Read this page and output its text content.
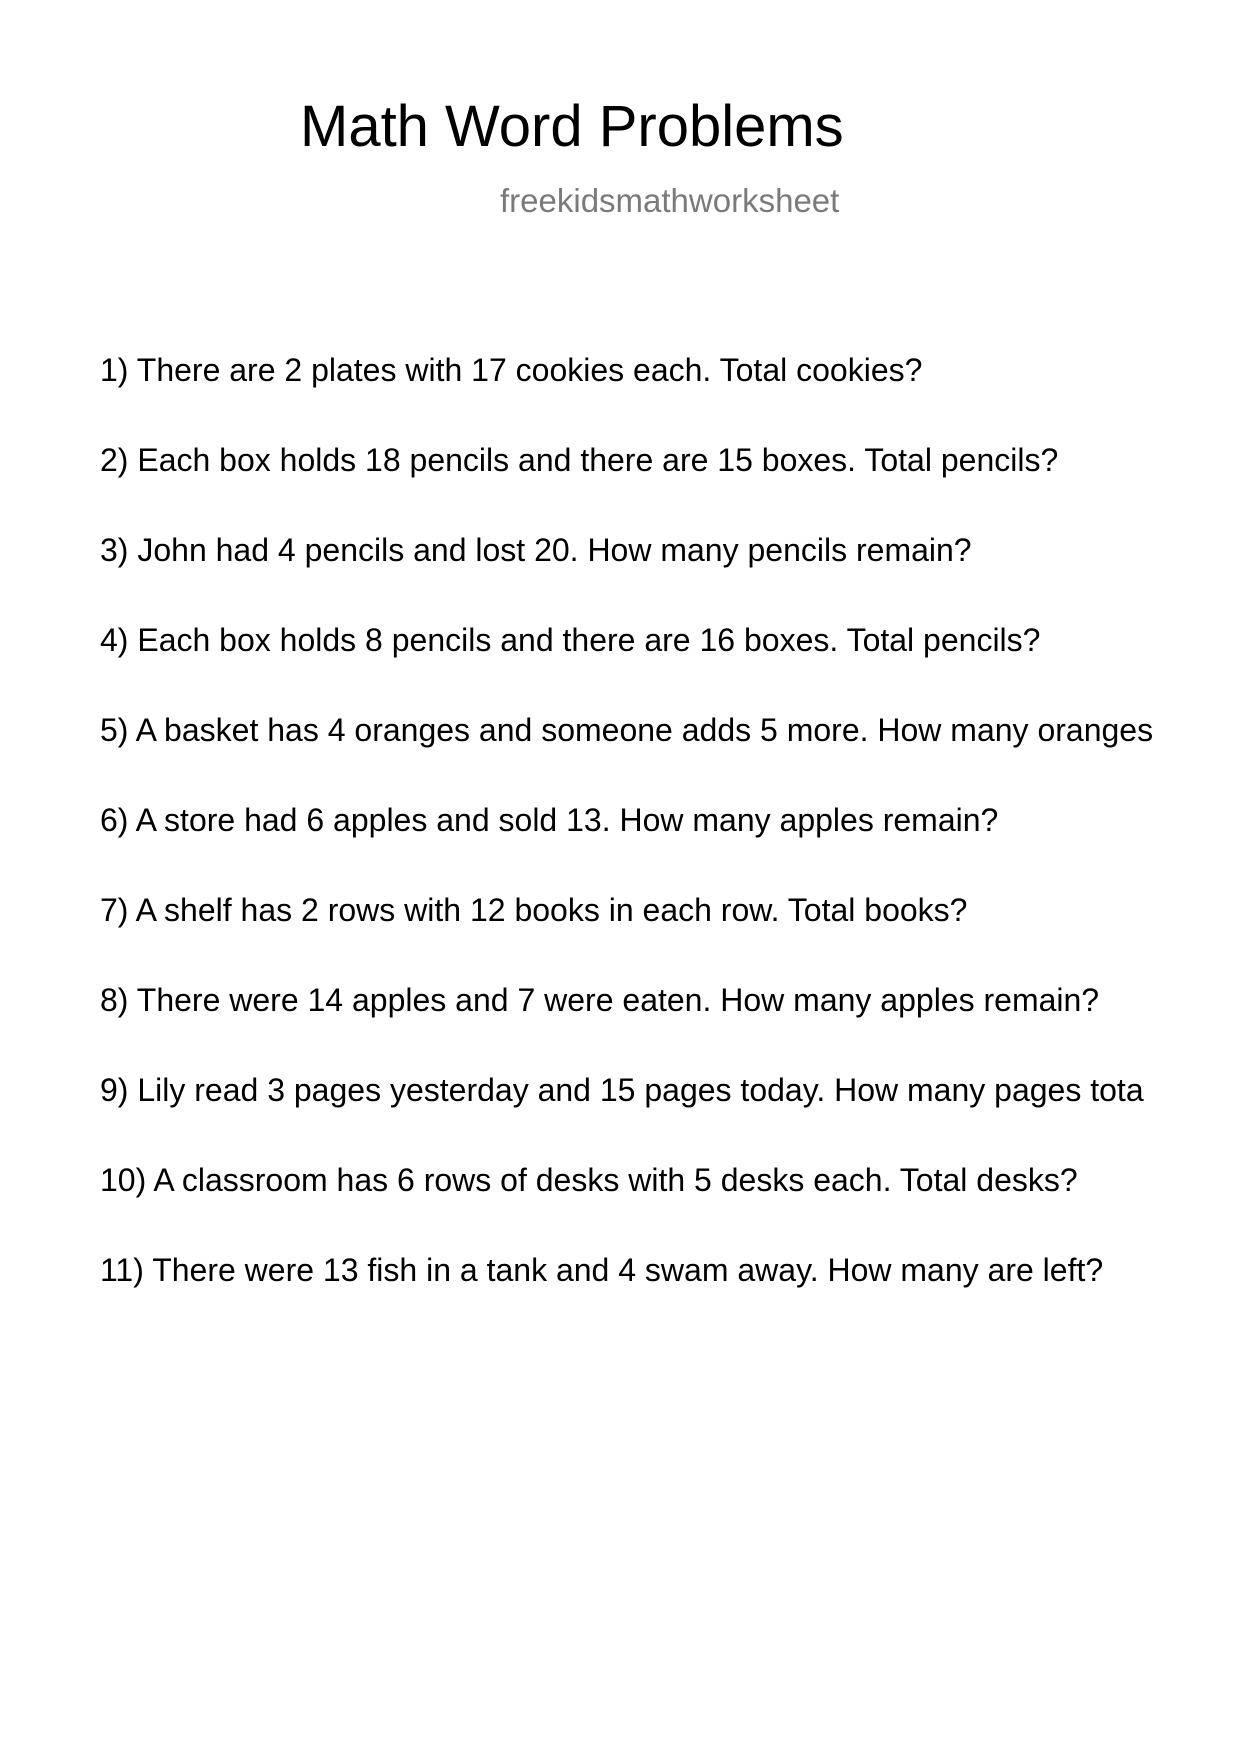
Math Word Problems

freekidsmathworksheet

1) There are 2 plates with 17 cookies each. Total cookies?
2) Each box holds 18 pencils and there are 15 boxes. Total pencils?
3) John had 4 pencils and lost 20. How many pencils remain?
4) Each box holds 8 pencils and there are 16 boxes. Total pencils?
5) A basket has 4 oranges and someone adds 5 more. How many oranges
6) A store had 6 apples and sold 13. How many apples remain?
7) A shelf has 2 rows with 12 books in each row. Total books?
8) There were 14 apples and 7 were eaten. How many apples remain?
9) Lily read 3 pages yesterday and 15 pages today. How many pages tota
10) A classroom has 6 rows of desks with 5 desks each. Total desks?
11) There were 13 fish in a tank and 4 swam away. How many are left?
